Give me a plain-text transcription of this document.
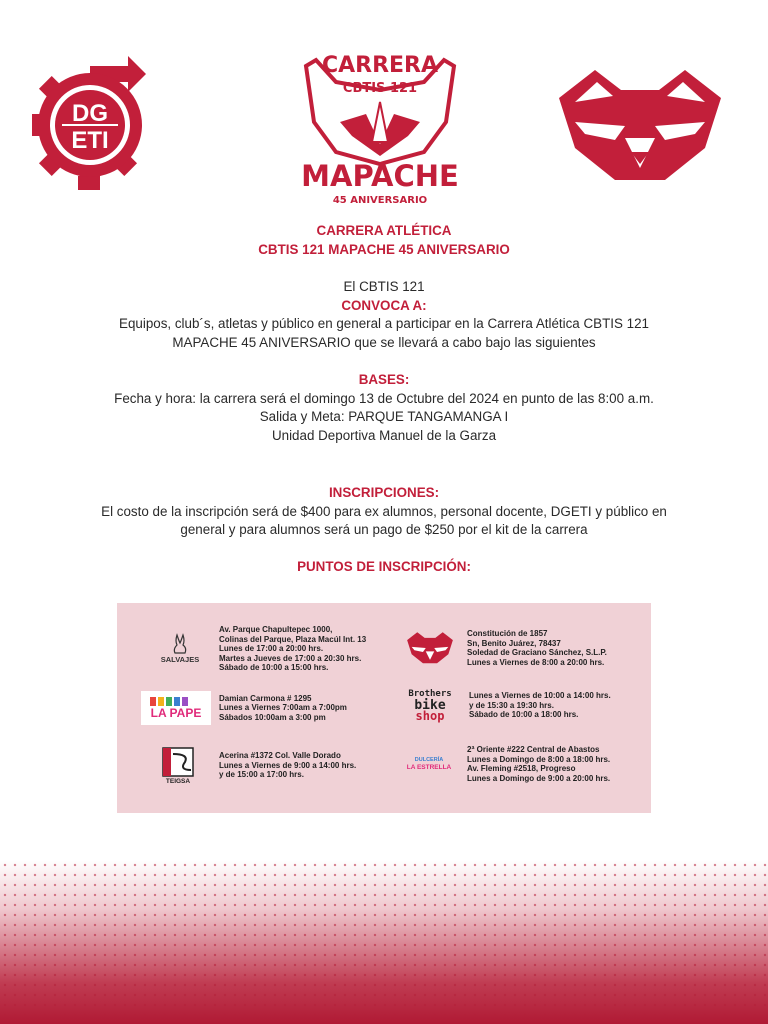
DG
ETI
CARRERA
CBTIS 121
MAPACHE
45 ANIVERSARIO

CARRERA ATLÉTICA

CBTIS 121 MAPACHE 45 ANIVERSARIO

El CBTIS 121

CONVOCA A:

Equipos, club´s, atletas y público en general a participar en la Carrera Atlética CBTIS 121

MAPACHE 45 ANIVERSARIO que se llevará a cabo bajo las siguientes

BASES:

Fecha y hora: la carrera será el domingo 13 de Octubre del 2024 en punto de las 8:00 a.m.

Salida y Meta: PARQUE TANGAMANGA I

Unidad Deportiva Manuel de la Garza

INSCRIPCIONES:

El costo de la inscripción será de $400 para ex alumnos, personal docente, DGETI y público en

general y para alumnos será un pago de $250 por el kit de la carrera

PUNTOS DE INSCRIPCIÓN:

SALVAJES
Av. Parque Chapultepec 1000,
Colinas del Parque, Plaza Macúl Int. 13
Lunes de 17:00 a 20:00 hrs.
Martes a Jueves de 17:00 a 20:30 hrs.
Sábado de 10:00 a 15:00 hrs.
LA PAPE
Damian Carmona # 1295
Lunes a Viernes 7:00am a 7:00pm
Sábados 10:00am a 3:00 pm
TEIGSA
Acerina #1372 Col. Valle Dorado
Lunes a Viernes de 9:00 a 14:00 hrs.
y de 15:00 a 17:00 hrs.
Constitución de 1857
Sn, Benito Juárez, 78437
Soledad de Graciano Sánchez, S.L.P.
Lunes a Viernes de 8:00 a 20:00 hrs.
Brothers
bike
shop
Lunes a Viernes de 10:00 a 14:00 hrs.
y de 15:30 a 19:30 hrs.
Sábado de 10:00 a 18:00 hrs.
DULCERÍA
LA ESTRELLA
2ª Oriente #222 Central de Abastos
Lunes a Domingo de 8:00 a 18:00 hrs.
Av. Fleming #2518, Progreso
Lunes a Domingo de 9:00 a 20:00 hrs.
